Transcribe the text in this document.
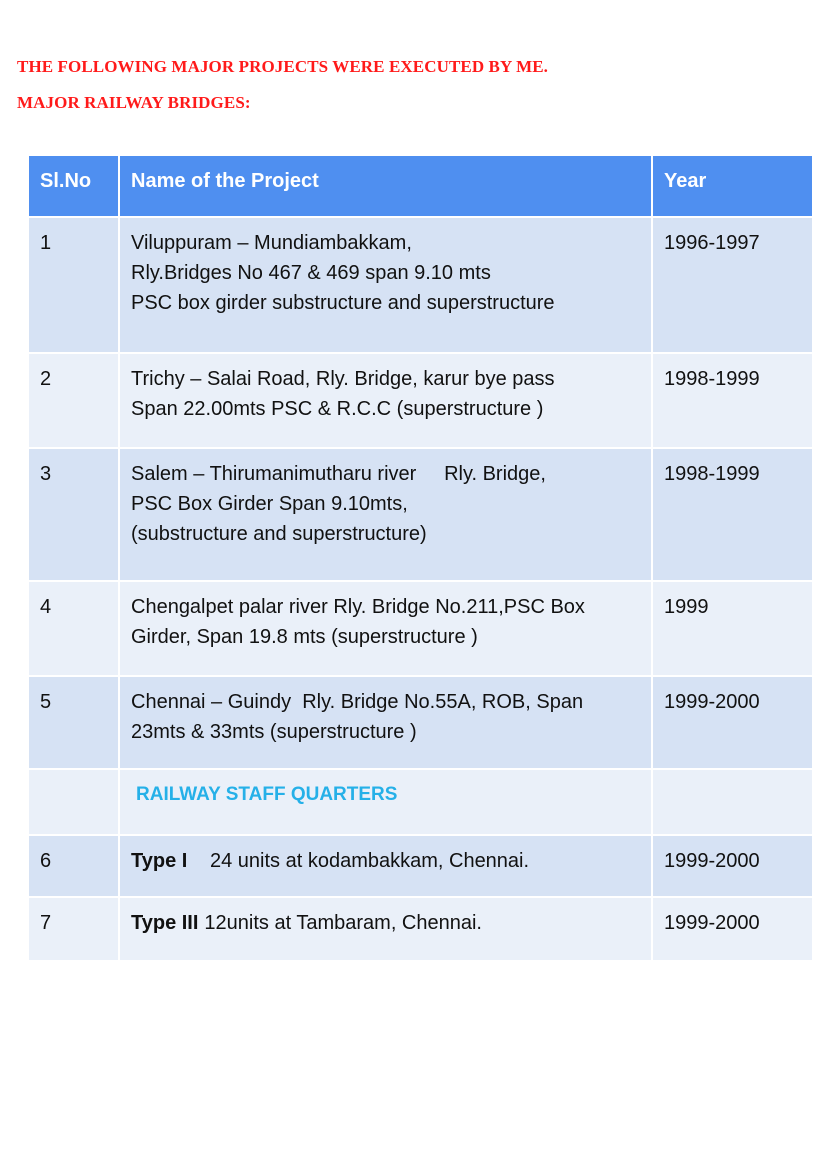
THE FOLLOWING MAJOR PROJECTS WERE EXECUTED BY ME.

MAJOR RAILWAY BRIDGES:

Sl.No	Name of the Project	Year
1	Viluppuram – Mundiambakkam,
Rly.Bridges No 467 & 469 span 9.10 mts
PSC box girder substructure and superstructure	1996-1997
2	Trichy – Salai Road, Rly. Bridge, karur bye pass
Span 22.00mts PSC & R.C.C (superstructure )	1998-1999
3	Salem – Thirumanimutharu river     Rly. Bridge,
PSC Box Girder Span 9.10mts,
(substructure and superstructure)	1998-1999
4	Chengalpet palar river Rly. Bridge No.211,PSC Box
Girder, Span 19.8 mts (superstructure )	1999
5	Chennai – Guindy  Rly. Bridge No.55A, ROB, Span
23mts & 33mts (superstructure )	1999-2000

	RAILWAY STAFF QUARTERS	

6	Type I   24 units at kodambakkam, Chennai.	1999-2000
7	Type III 12units at Tambaram, Chennai.	1999-2000
